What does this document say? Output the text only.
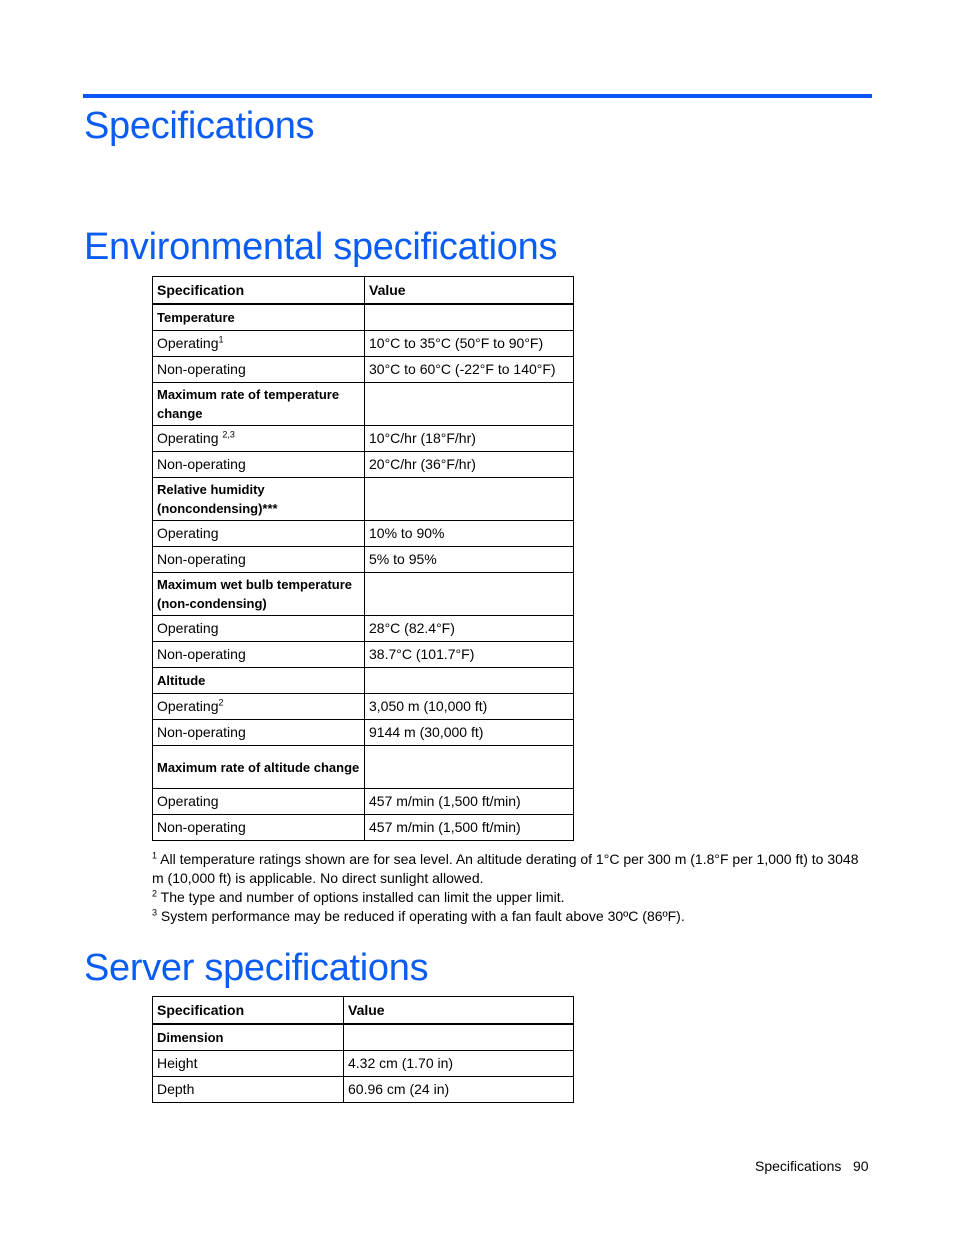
Specifications
Environmental specifications
Specification	Value
Temperature	
Operating$^1$	10°C to 35°C (50°F to 90°F)
Non-operating	30°C to 60°C (-22°F to 140°F)
Maximum rate of temperature change	
Operating $^{2,3}$	10°C/hr (18°F/hr)
Non-operating	20°C/hr (36°F/hr)
Relative humidity (noncondensing)***	
Operating	10% to 90%
Non-operating	5% to 95%
Maximum wet bulb temperature (non-condensing)	
Operating	28°C (82.4°F)
Non-operating	38.7°C (101.7°F)
Altitude	
Operating$^2$	3,050 m (10,000 ft)
Non-operating	9144 m (30,000 ft)
Maximum rate of altitude change	
Operating	457 m/min (1,500 ft/min)
Non-operating	457 m/min (1,500 ft/min)

$^1$ All temperature ratings shown are for sea level. An altitude derating of 1°C per 300 m (1.8°F per 1,000 ft) to 3048 m (10,000 ft) is applicable. No direct sunlight allowed.

$^2$ The type and number of options installed can limit the upper limit.

$^3$ System performance may be reduced if operating with a fan fault above 30ºC (86ºF).

Server specifications
Specification	Value
Dimension	
Height	4.32 cm (1.70 in)
Depth	60.96 cm (24 in)
Specifications 90
